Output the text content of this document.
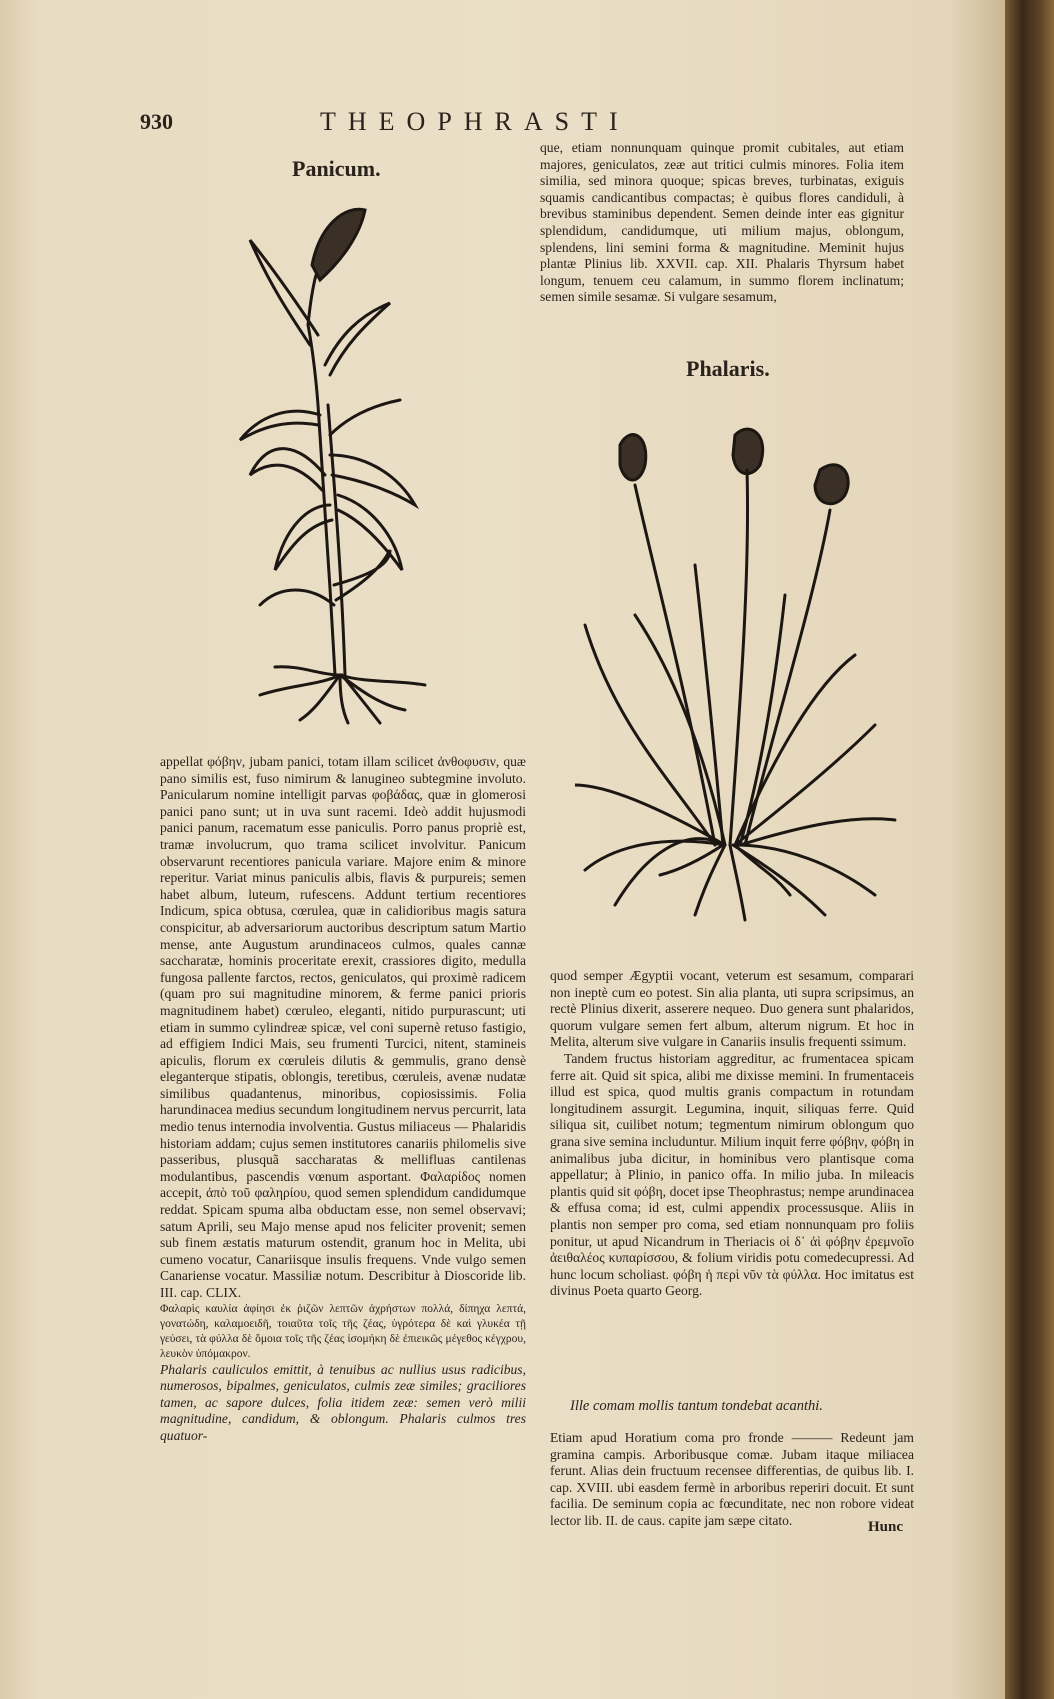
930	THEOPHRASTI
Panicum.

que, etiam nonnunquam quinque promit cubitales, aut etiam majores, geniculatos, zeæ aut tritici culmis minores. Folia item similia, sed minora quoque; spicas breves, turbinatas, exiguis squamis candicantibus compactas; è quibus flores candiduli, à brevibus staminibus dependent. Semen deinde inter eas gignitur splendidum, candidumque, uti milium majus, oblongum, splendens, lini semini forma & magnitudine. Meminit hujus plantæ Plinius lib. XXVII. cap. XII. Phalaris Thyrsum habet longum, tenuem ceu calamum, in summo florem inclinatum; semen simile sesamæ. Si vulgare sesamum,

Phalaris.

appellat φόβην, jubam panici, totam illam scilicet ἀνθοφυσιν, quæ pano similis est, fuso nimirum & lanugineo subtegmine involuto. Panicularum nomine intelligit parvas φοβάδας, quæ in glomerosi panici pano sunt; ut in uva sunt racemi. Ideò addit hujusmodi panici panum, racematum esse paniculis. Porro panus propriè est, tramæ involucrum, quo trama scilicet involvitur. Panicum observarunt recentiores panicula variare. Majore enim & minore reperitur. Variat minus paniculis albis, flavis & purpureis; semen habet album, luteum, rufescens. Addunt tertium recentiores Indicum, spica obtusa, cœrulea, quæ in calidioribus magis satura conspicitur, ab adversariorum auctoribus descriptum satum Martio mense, ante Augustum arundinaceos culmos, quales cannæ saccharatæ, hominis proceritate erexit, crassiores digito, medulla fungosa pallente farctos, rectos, geniculatos, qui proximè radicem (quam pro sui magnitudine minorem, & ferme panici prioris magnitudinem habet) cœruleo, eleganti, nitido purpurascunt; uti etiam in summo cylindreæ spicæ, vel coni supernè retuso fastigio, ad effigiem Indici Mais, seu frumenti Turcici, nitent, stamineis apiculis, florum ex cœruleis dilutis & gemmulis, grano densè eleganterque stipatis, oblongis, teretibus, cœruleis, avenæ nudatæ similibus quadantenus, minoribus, copiosissimis. Folia harundinacea medius secundum longitudinem nervus percurrit, lata medio tenus internodia involventia. Gustus miliaceus — Phalaridis historiam addam; cujus semen institutores canariis philomelis sive passeribus, plusquã saccharatas & mellifluas cantilenas modulantibus, pascendis vœnum asportant. Φαλαρίδος nomen accepit, ἀπὸ τοῦ φαληρίου, quod semen splendidum candidumque reddat. Spicam spuma alba obductam esse, non semel observavi; satum Aprili, seu Majo mense apud nos feliciter provenit; semen sub finem æstatis maturum ostendit, granum hoc in Melita, ubi cumeno vocatur, Canariisque insulis frequens. Vnde vulgo semen Canariense vocatur. Massiliæ notum. Describitur à Dioscoride lib. III. cap. CLIX.

Φαλαρὶς καυλία ἀφίησι ἐκ ῥιζῶν λεπτῶν ἀχρήστων πολλά, δίπηχα λεπτά, γονατώδη, καλαμοειδῆ, τοιαῦτα τοῖς τῆς ζέας, ὑγρότερα δὲ καὶ γλυκέα τῇ γεύσει, τὰ φύλλα δὲ ὅμοια τοῖς τῆς ζέας ἰσομήκη δὲ ἐπιεικῶς μέγεθος κέγχρου, λευκὸν ὑπόμακρον.

Phalaris cauliculos emittit, à tenuibus ac nullius usus radicibus, numerosos, bipalmes, geniculatos, culmis zeæ similes; graciliores tamen, ac sapore dulces, folia itidem zeæ: semen verò milii magnitudine, candidum, & oblongum. Phalaris culmos tres quatuor-

quod semper Ægyptii vocant, veterum est sesamum, comparari non ineptè cum eo potest. Sin alia planta, uti supra scripsimus, an rectè Plinius dixerit, asserere nequeo. Duo genera sunt phalaridos, quorum vulgare semen fert album, alterum nigrum. Et hoc in Melita, alterum sive vulgare in Canariis insulis frequenti ssimum.

Tandem fructus historiam aggreditur, ac frumentacea spicam ferre ait. Quid sit spica, alibi me dixisse memini. In frumentaceis illud est spica, quod multis granis compactum in rotundam longitudinem assurgit. Legumina, inquit, siliquas ferre. Quid siliqua sit, cuilibet notum; tegmentum nimirum oblongum quo grana sive semina includuntur. Milium inquit ferre φόβην, φόβη in animalibus juba dicitur, in hominibus vero plantisque coma appellatur; à Plinio, in panico offa. In milio juba. In mileacis plantis quid sit φόβη, docet ipse Theophrastus; nempe arundinacea & effusa coma; id est, culmi appendix processusque. Aliis in plantis non semper pro coma, sed etiam nonnunquam pro foliis ponitur, ut apud Nicandrum in Theriacis οἱ δ᾽ ἀὶ φόβην ἐρεμνοῖο ἀειθαλέος κυπαρίσσου, & folium viridis potu comedecupressi. Ad hunc locum scholiast. φόβη ἡ περὶ νῦν τὰ φύλλα. Hoc imitatus est divinus Poeta quarto Georg.

Ille comam mollis tantum tondebat acanthi.

Etiam apud Horatium coma pro fronde ——— Redeunt jam gramina campis. Arboribusque comæ. Jubam itaque miliacea ferunt. Alias dein fructuum recensee differentias, de quibus lib. I. cap. XVIII. ubi easdem fermè in arboribus reperiri docuit. Et sunt facilia. De seminum copia ac fœcunditate, nec non robore videat lector lib. II. de caus. capite jam sæpe citato.	Hunc
